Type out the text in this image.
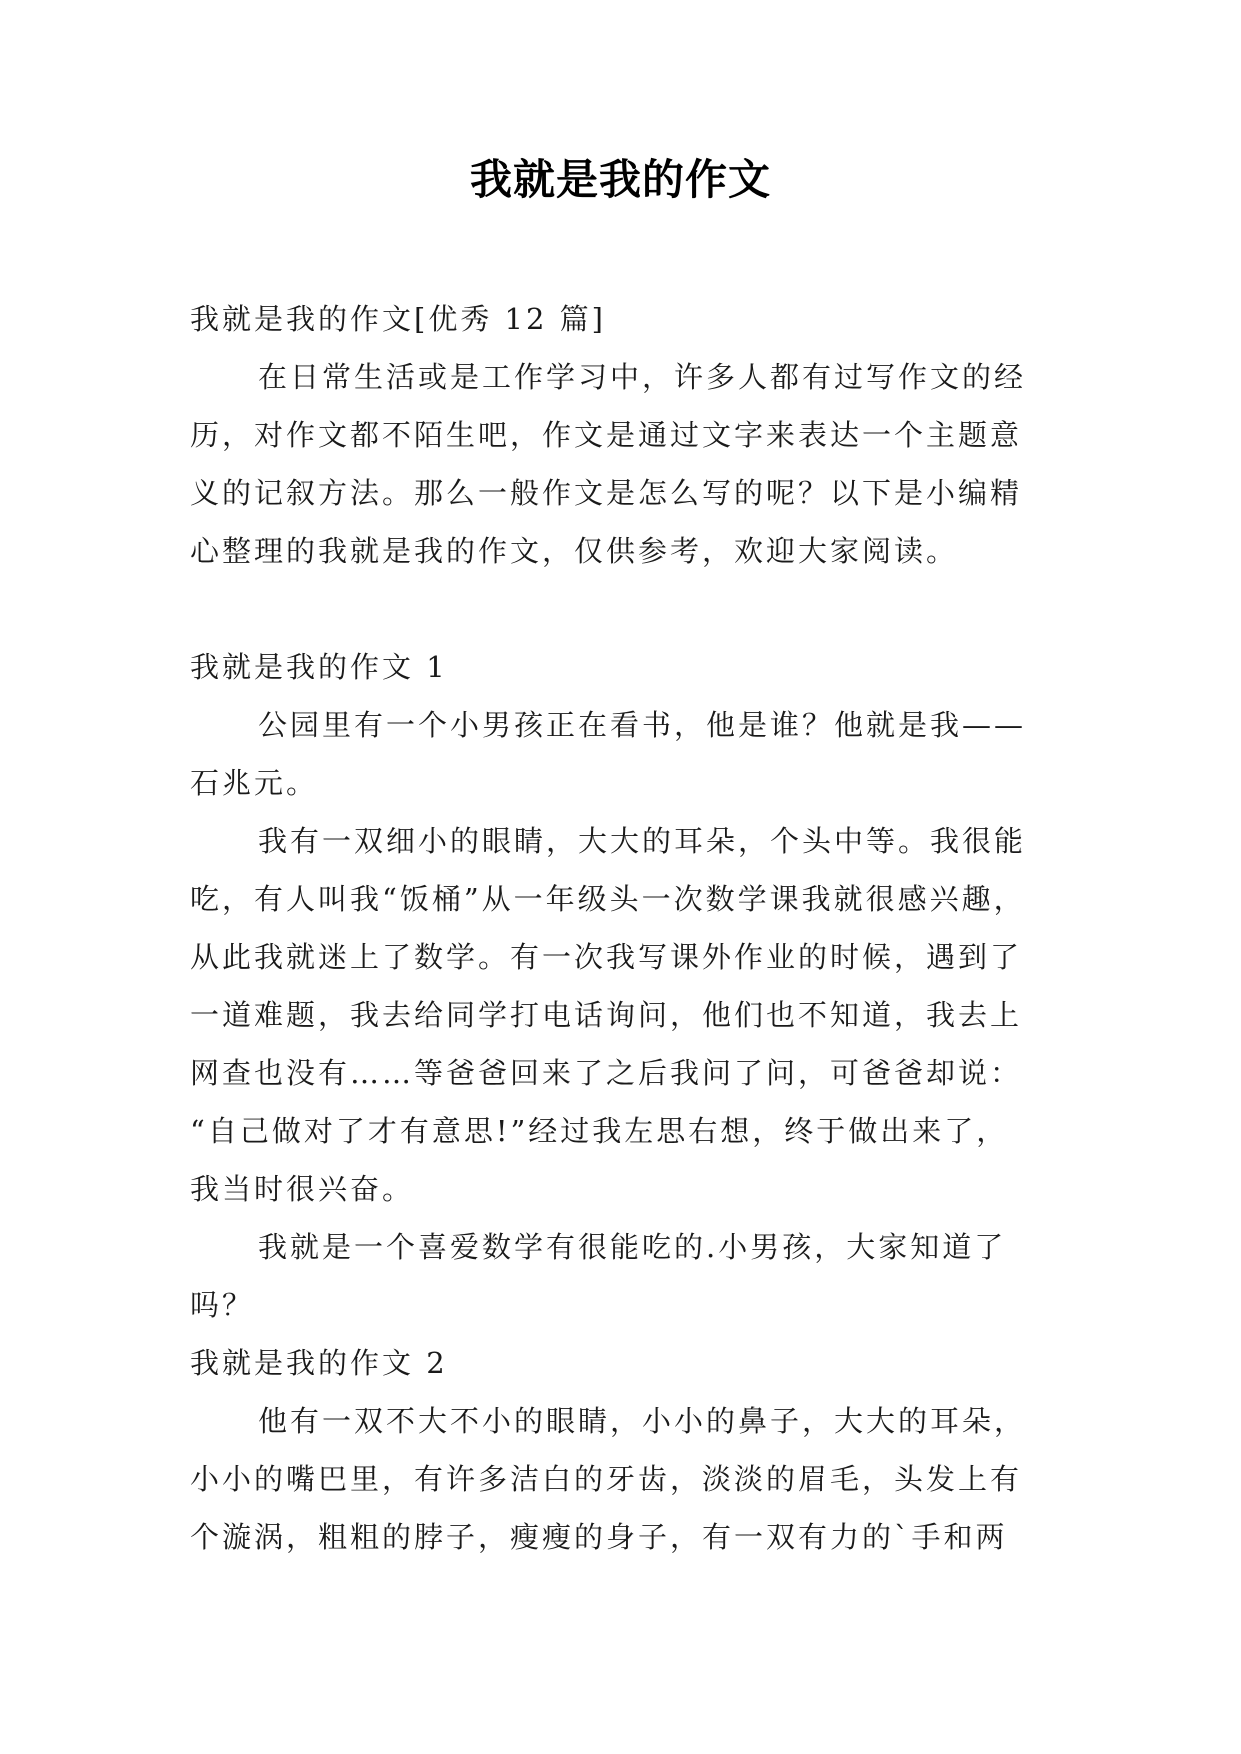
我就是我的作文
我就是我的作文[优秀 12 篇]
在日常生活或是工作学习中，许多人都有过写作文的经
历，对作文都不陌生吧，作文是通过文字来表达一个主题意
义的记叙方法。那么一般作文是怎么写的呢？以下是小编精
心整理的我就是我的作文，仅供参考，欢迎大家阅读。
我就是我的作文 1
公园里有一个小男孩正在看书，他是谁？他就是我——
石兆元。
我有一双细小的眼睛，大大的耳朵，个头中等。我很能
吃，有人叫我“饭桶”从一年级头一次数学课我就很感兴趣，
从此我就迷上了数学。有一次我写课外作业的时候，遇到了
一道难题，我去给同学打电话询问，他们也不知道，我去上
网查也没有……等爸爸回来了之后我问了问，可爸爸却说：
“自己做对了才有意思!”经过我左思右想，终于做出来了，
我当时很兴奋。
我就是一个喜爱数学有很能吃的.小男孩，大家知道了
吗？
我就是我的作文 2
他有一双不大不小的眼睛，小小的鼻子，大大的耳朵，
小小的嘴巴里，有许多洁白的牙齿，淡淡的眉毛，头发上有
个漩涡，粗粗的脖子，瘦瘦的身子，有一双有力的`手和两
